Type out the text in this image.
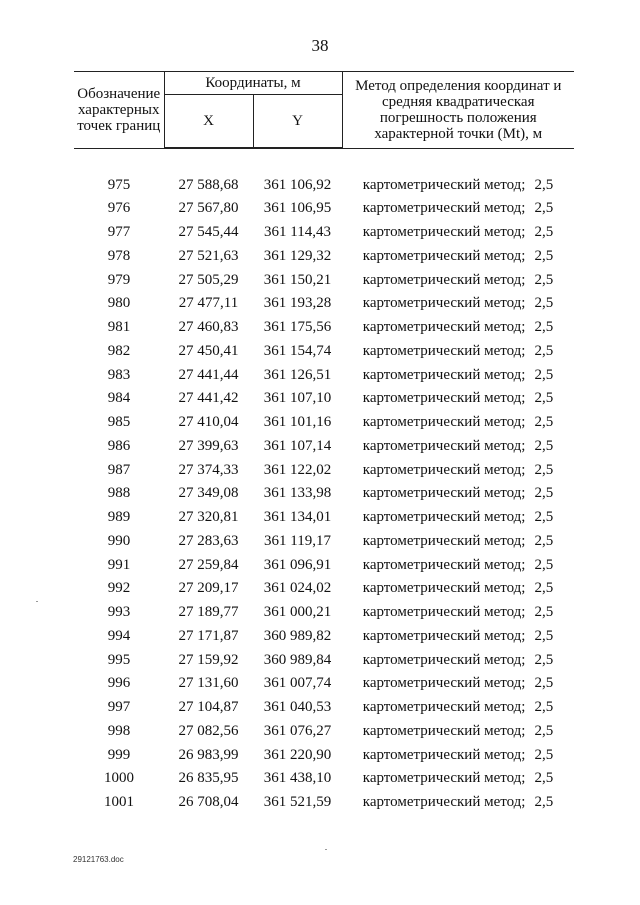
38
Обозначение характерных точек границ	Координаты, м		Метод определения координат и средняя квадратическая погрешность положения характерной точки (Mt), м
	X	Y	

975	27 588,68	361 106,92	картометрический метод; 2,5
976	27 567,80	361 106,95	картометрический метод; 2,5
977	27 545,44	361 114,43	картометрический метод; 2,5
978	27 521,63	361 129,32	картометрический метод; 2,5
979	27 505,29	361 150,21	картометрический метод; 2,5
980	27 477,11	361 193,28	картометрический метод; 2,5
981	27 460,83	361 175,56	картометрический метод; 2,5
982	27 450,41	361 154,74	картометрический метод; 2,5
983	27 441,44	361 126,51	картометрический метод; 2,5
984	27 441,42	361 107,10	картометрический метод; 2,5
985	27 410,04	361 101,16	картометрический метод; 2,5
986	27 399,63	361 107,14	картометрический метод; 2,5
987	27 374,33	361 122,02	картометрический метод; 2,5
988	27 349,08	361 133,98	картометрический метод; 2,5
989	27 320,81	361 134,01	картометрический метод; 2,5
990	27 283,63	361 119,17	картометрический метод; 2,5
991	27 259,84	361 096,91	картометрический метод; 2,5
992	27 209,17	361 024,02	картометрический метод; 2,5
993	27 189,77	361 000,21	картометрический метод; 2,5
994	27 171,87	360 989,82	картометрический метод; 2,5
995	27 159,92	360 989,84	картометрический метод; 2,5
996	27 131,60	361 007,74	картометрический метод; 2,5
997	27 104,87	361 040,53	картометрический метод; 2,5
998	27 082,56	361 076,27	картометрический метод; 2,5
999	26 983,99	361 220,90	картометрический метод; 2,5
1000	26 835,95	361 438,10	картометрический метод; 2,5
1001	26 708,04	361 521,59	картометрический метод; 2,5
29121763.doc
